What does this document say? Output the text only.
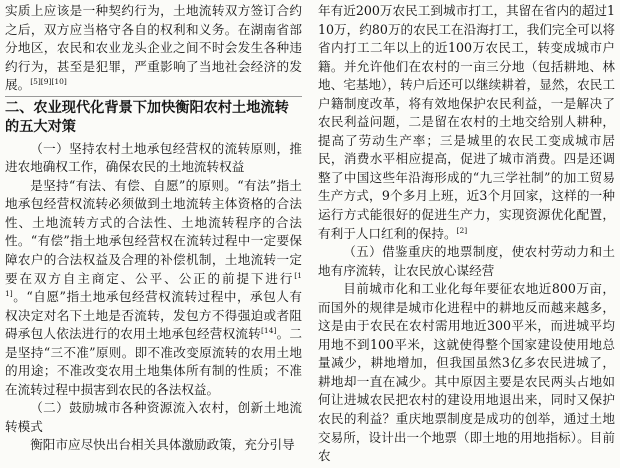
实质上应该是一种契约行为，土地流转双方签订合约之后，双方应当格守各自的权利和义务。在湖南省部分地区，农民和农业龙头企业之间不时会发生各种违约行为，甚至是犯罪，严重影响了当地社会经济的发展。[5][9][10]

二、农业现代化背景下加快衡阳农村土地流转的五大对策

（一）坚持农村土地承包经营权的流转原则，推进农地确权工作，确保农民的土地流转权益

是坚持“有法、有偿、自愿”的原则。“有法”指土地承包经营权流转必须做到土地流转主体资格的合法性、土地流转方式的合法性、土地流转程序的合法性。“有偿”指土地承包经营权在流转过程中一定要保障农户的合法权益及合理的补偿机制，土地流转一定要在双方自主商定、公平、公正的前提下进行[11]。“自愿”指土地承包经营权流转过程中，承包人有权决定对名下土地是否流转，发包方不得强迫或者阻碍承包人依法进行的农用土地承包经营权流转[14]。二是坚持“三不准”原则。即不准改变原流转的农用土地的用途；不准改变农用土地集体所有制的性质；不准在流转过程中损害到农民的各法权益。

（二）鼓励城市各种资源流入农村，创新土地流转模式

衡阳市应尽快出台相关具体激励政策，充分引导

年有近200万农民工到城市打工，其留在省内的超过110万，约80万的农民工在沿海打工，我们完全可以将省内打工二年以上的近100万农民工，转变成城市户籍。并允许他们在农村的一亩三分地（包括耕地、林地、宅基地），转户后还可以继续耕着，显然，农民工户籍制度改革，将有效地保护农民利益，一是解决了农民利益问题，二是留在农村的土地交给别人耕种，提高了劳动生产率；三是城里的农民工变成城市居民，消费水平相应提高，促进了城市消费。四是还调整了中国这些年沿海形成的“九三学社制”的加工贸易生产方式，9个多月上班，近3个月回家，这样的一种运行方式能很好的促进生产力，实现资源优化配置，有利于人口红利的保持。[2]

（五）借鉴重庆的地票制度，使农村劳动力和土地有序流转，让农民放心谋经营

目前城市化和工业化每年要征农地近800万亩，而国外的规律是城市化进程中的耕地反而越来越多，这是由于农民在农村需用地近300平米，而进城平均用地不到100平米，这就使得整个国家建设使用地总量减少，耕地增加，但我国虽然3亿多农民进城了，耕地却一直在减少。其中原因主要是农民两头占地如何让进城农民把农村的建设用地退出来，同时又保护农民的利益？重庆地票制度是成功的创举，通过土地交易所，设计出一个地票（即土地的用地指标）。目前农
